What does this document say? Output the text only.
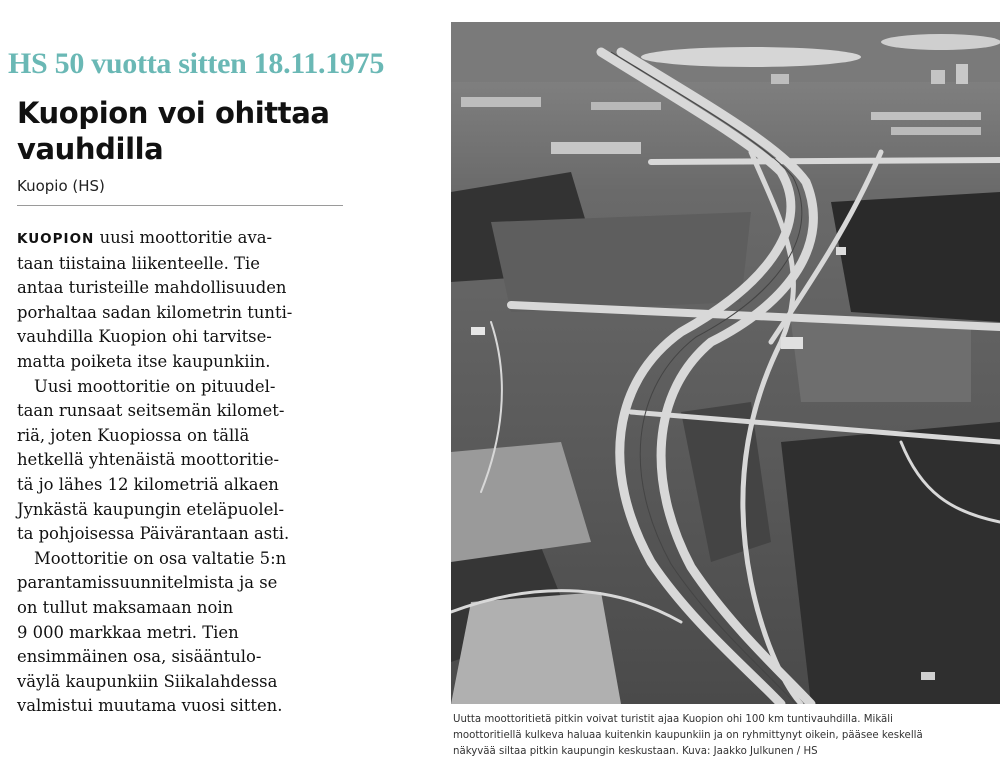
HS 50 vuotta sitten 18.11.1975
Kuopion voi ohittaa
vauhdilla
Kuopio (HS)
KUOPION uusi moottoritie ava-
taan tiistaina liikenteelle. Tie
antaa turisteille mahdollisuuden
porhaltaa sadan kilometrin tunti-
vauhdilla Kuopion ohi tarvitse-
matta poiketa itse kaupunkiin.
Uusi moottoritie on pituudel-
taan runsaat seitsemän kilomet-
riä, joten Kuopiossa on tällä
hetkellä yhtenäistä moottoritie-
tä jo lähes 12 kilometriä alkaen
Jynkästä kaupungin eteläpuolel-
ta pohjoisessa Päivärantaan asti.
Moottoritie on osa valtatie 5:n
parantamissuunnitelmista ja se
on tullut maksamaan noin
9 000 markkaa metri. Tien
ensimmäinen osa, sisääntulo-
väylä kaupunkiin Siikalahdessa
valmistui muutama vuosi sitten.
Uutta moottoritietä pitkin voivat turistit ajaa Kuopion ohi 100 km tuntivauhdilla. Mikäli
moottoritiellä kulkeva haluaa kuitenkin kaupunkiin ja on ryhmittynyt oikein, pääsee keskellä
näkyvää siltaa pitkin kaupungin keskustaan. Kuva: Jaakko Julkunen / HS
